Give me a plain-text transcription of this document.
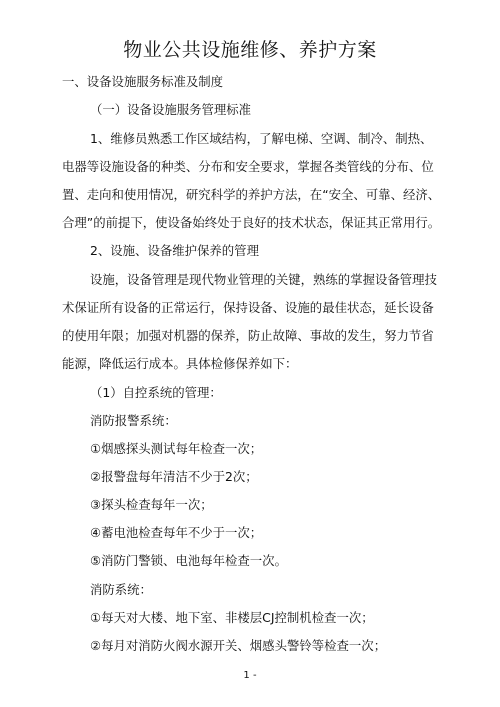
物业公共设施维修、养护方案

一、设备设施服务标准及制度

（一）设备设施服务管理标准

1、维修员熟悉工作区域结构，了解电梯、空调、制冷、制热、

电器等设施设备的种类、分布和安全要求，掌握各类管线的分布、位

置、走向和使用情况，研究科学的养护方法，在“安全、可靠、经济、

合理”的前提下，使设备始终处于良好的技术状态，保证其正常用行。

2、设施、设备维护保养的管理

设施，设备管理是现代物业管理的关键，熟练的掌握设备管理技

术保证所有设备的正常运行，保持设备、设施的最佳状态，延长设备

的使用年限；加强对机器的保养，防止故障、事故的发生，努力节省

能源，降低运行成本。具体检修保养如下：

（1）自控系统的管理：

消防报警系统：

①烟感探头测试每年检查一次；

②报警盘每年清洁不少于2次；

③探头检查每年一次；

④蓄电池检查每年不少于一次；

⑤消防门警锁、电池每年检查一次。

消防系统：

①每天对大楼、地下室、非楼层CJ控制机检查一次；

②每月对消防火阀水源开关、烟感头警铃等检查一次；

1 -
